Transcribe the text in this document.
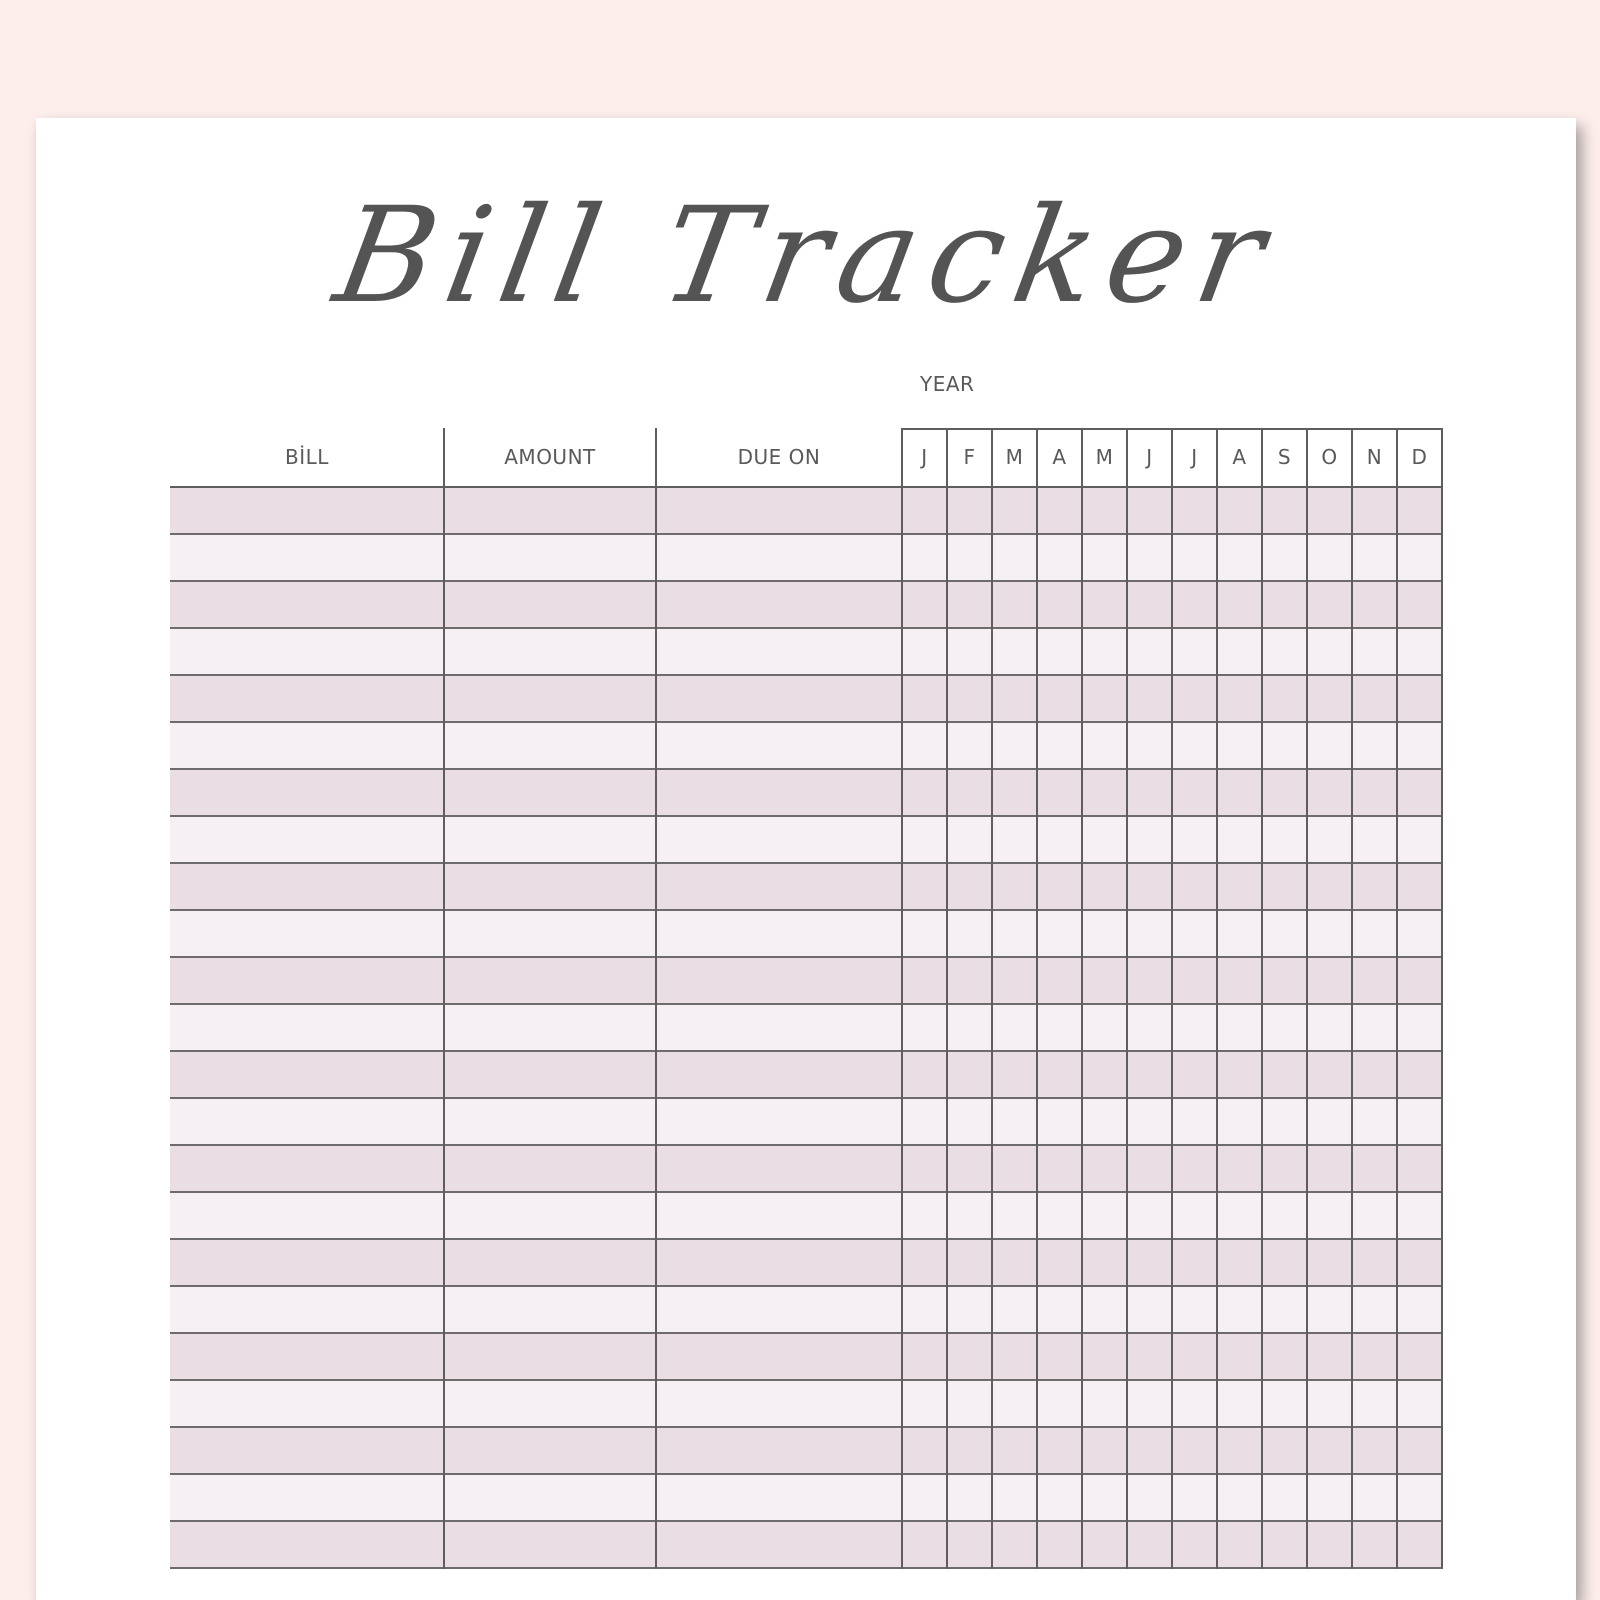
Bill Tracker
YEAR
BİLL	AMOUNT	DUE ON	J	F	M	A	M	J	J	A	S	O	N	D
